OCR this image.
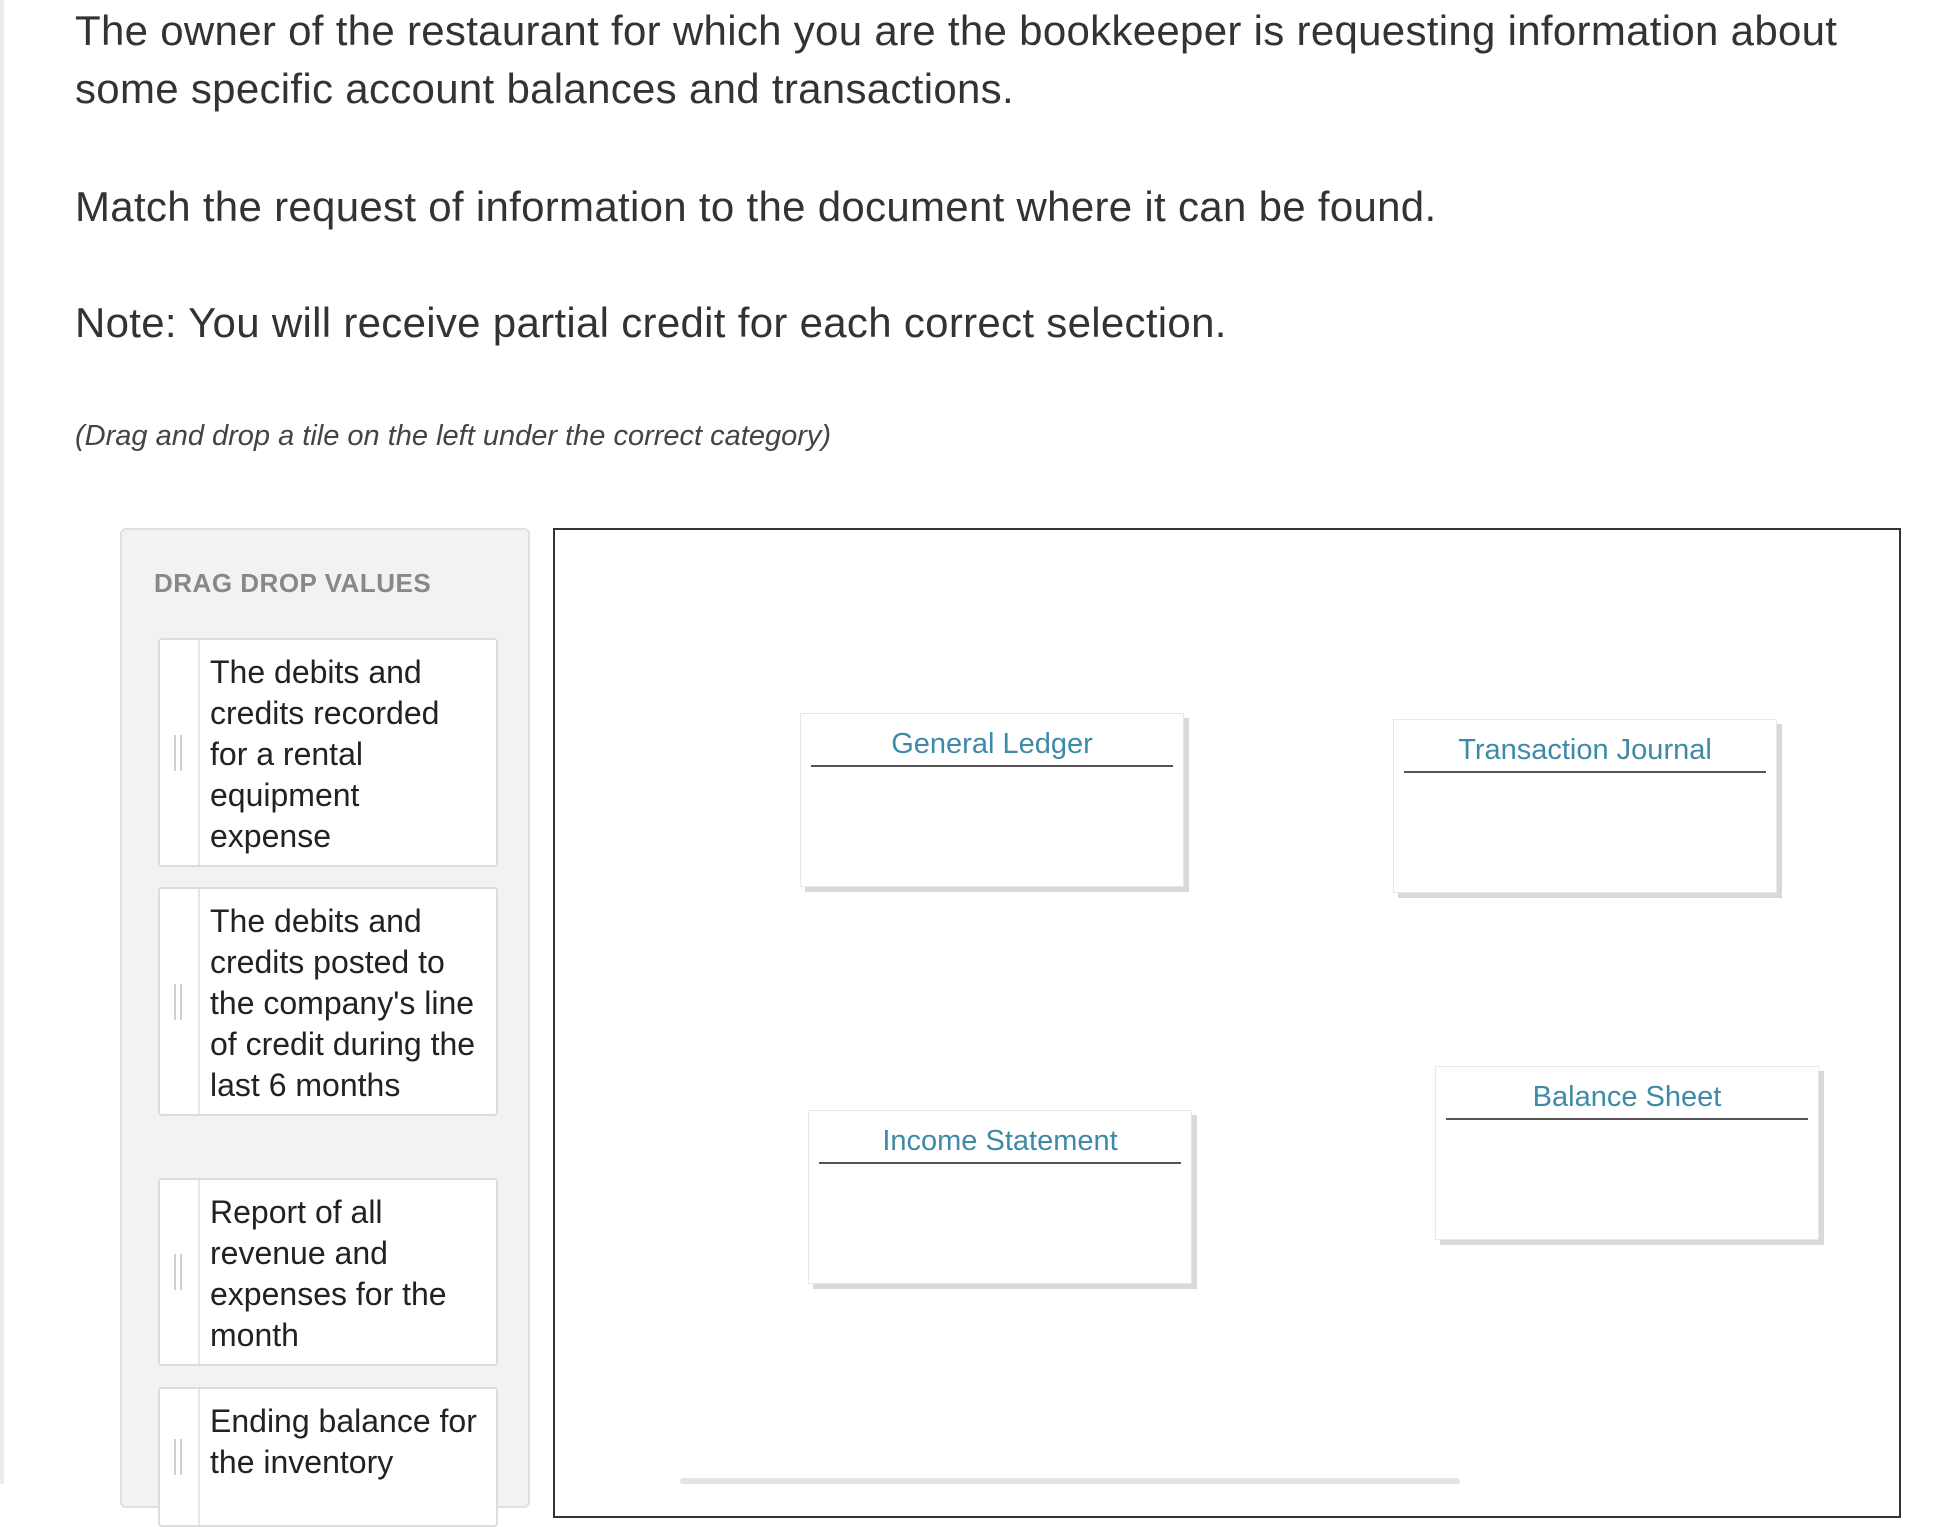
The owner of the restaurant for which you are the bookkeeper is requesting information about some specific account balances and transactions.

Match the request of information to the document where it can be found.

Note: You will receive partial credit for each correct selection.

(Drag and drop a tile on the left under the correct category)

DRAG DROP VALUES

The debits and credits recorded for a rental equipment expense
The debits and credits posted to the company's line of credit during the last 6 months
Report of all revenue and expenses for the month
Ending balance for the inventory
General Ledger	Transaction Journal
Income Statement
Balance Sheet
